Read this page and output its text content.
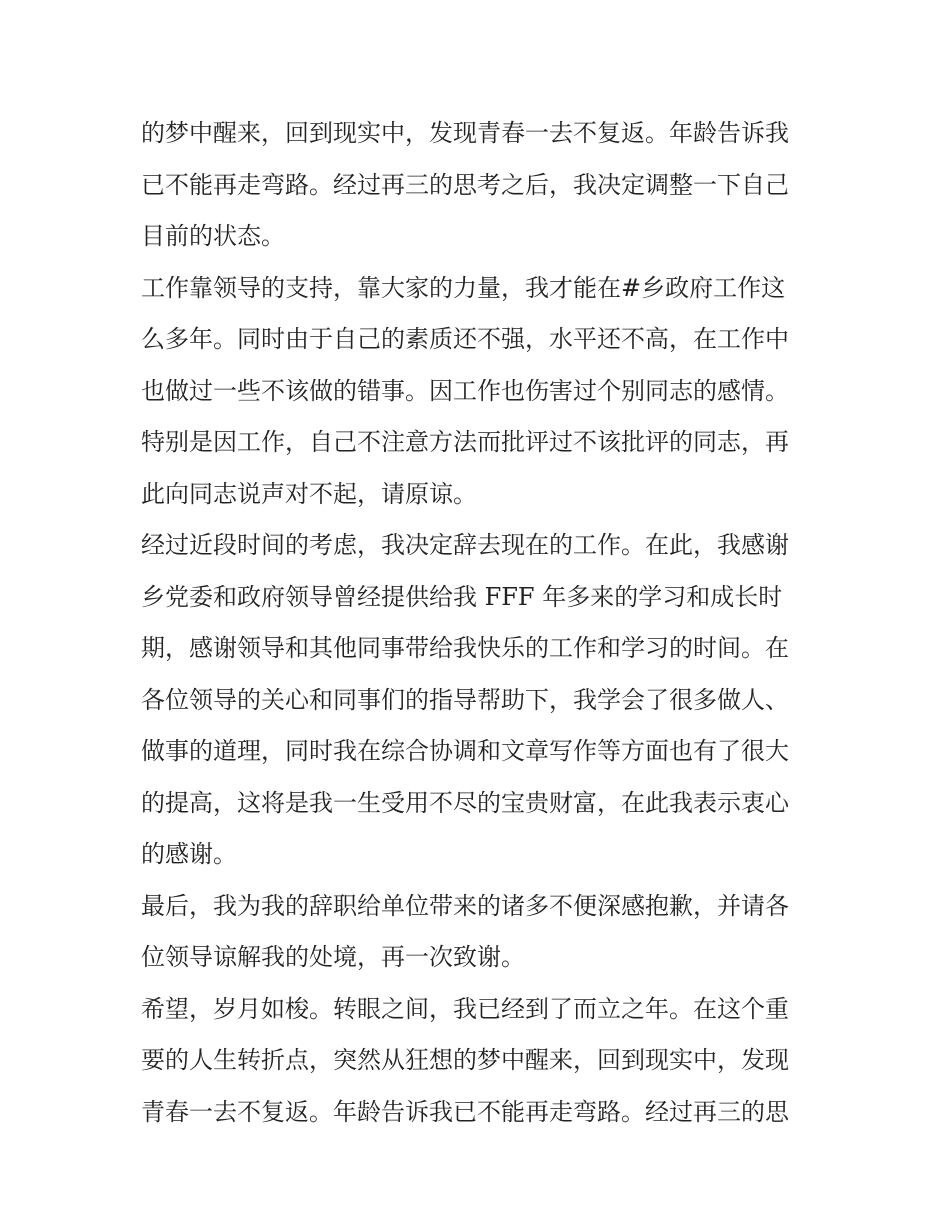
的梦中醒来，回到现实中，发现青春一去不复返。年龄告诉我
已不能再走弯路。经过再三的思考之后，我决定调整一下自己
目前的状态。
工作靠领导的支持，靠大家的力量，我才能在#乡政府工作这
么多年。同时由于自己的素质还不强，水平还不高，在工作中
也做过一些不该做的错事。因工作也伤害过个别同志的感情。
特别是因工作，自己不注意方法而批评过不该批评的同志，再
此向同志说声对不起，请原谅。
经过近段时间的考虑，我决定辞去现在的工作。在此，我感谢
乡党委和政府领导曾经提供给我 FFF 年多来的学习和成长时
期，感谢领导和其他同事带给我快乐的工作和学习的时间。在
各位领导的关心和同事们的指导帮助下，我学会了很多做人、
做事的道理，同时我在综合协调和文章写作等方面也有了很大
的提高，这将是我一生受用不尽的宝贵财富，在此我表示衷心
的感谢。
最后，我为我的辞职给单位带来的诸多不便深感抱歉，并请各
位领导谅解我的处境，再一次致谢。
希望，岁月如梭。转眼之间，我已经到了而立之年。在这个重
要的人生转折点，突然从狂想的梦中醒来，回到现实中，发现
青春一去不复返。年龄告诉我已不能再走弯路。经过再三的思
